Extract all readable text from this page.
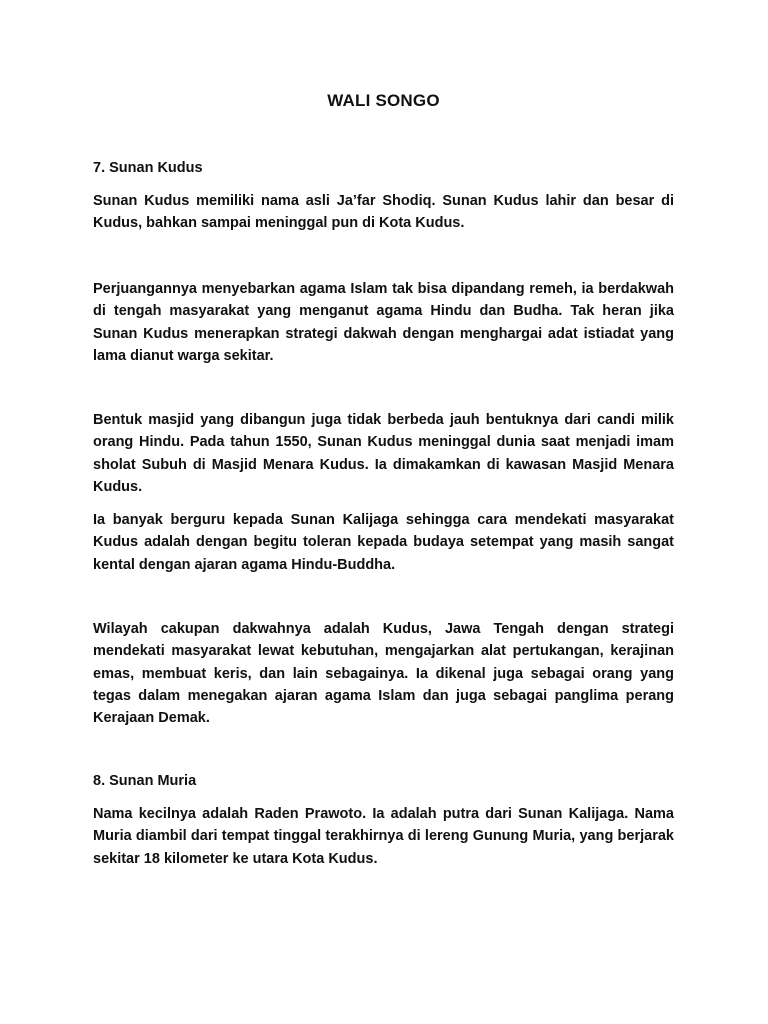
WALI SONGO
7. Sunan Kudus
Sunan Kudus memiliki nama asli Ja’far Shodiq. Sunan Kudus lahir dan besar di Kudus, bahkan sampai meninggal pun di Kota Kudus.
Perjuangannya menyebarkan agama Islam tak bisa dipandang remeh, ia berdakwah di tengah masyarakat yang menganut agama Hindu dan Budha. Tak heran jika Sunan Kudus menerapkan strategi dakwah dengan menghargai adat istiadat yang lama dianut warga sekitar.
Bentuk masjid yang dibangun juga tidak berbeda jauh bentuknya dari candi milik orang Hindu. Pada tahun 1550, Sunan Kudus meninggal dunia saat menjadi imam sholat Subuh di Masjid Menara Kudus. Ia dimakamkan di kawasan Masjid Menara Kudus.
Ia banyak berguru kepada Sunan Kalijaga sehingga cara mendekati masyarakat Kudus adalah dengan begitu toleran kepada budaya setempat yang masih sangat kental dengan ajaran agama Hindu-Buddha.
Wilayah cakupan dakwahnya adalah Kudus, Jawa Tengah dengan strategi mendekati masyarakat lewat kebutuhan, mengajarkan alat pertukangan, kerajinan emas, membuat keris, dan lain sebagainya. Ia dikenal juga sebagai orang yang tegas dalam menegakan ajaran agama Islam dan juga sebagai panglima perang Kerajaan Demak.
8. Sunan Muria
Nama kecilnya adalah Raden Prawoto. Ia adalah putra dari Sunan Kalijaga. Nama Muria diambil dari tempat tinggal terakhirnya di lereng Gunung Muria, yang berjarak sekitar 18 kilometer ke utara Kota Kudus.
